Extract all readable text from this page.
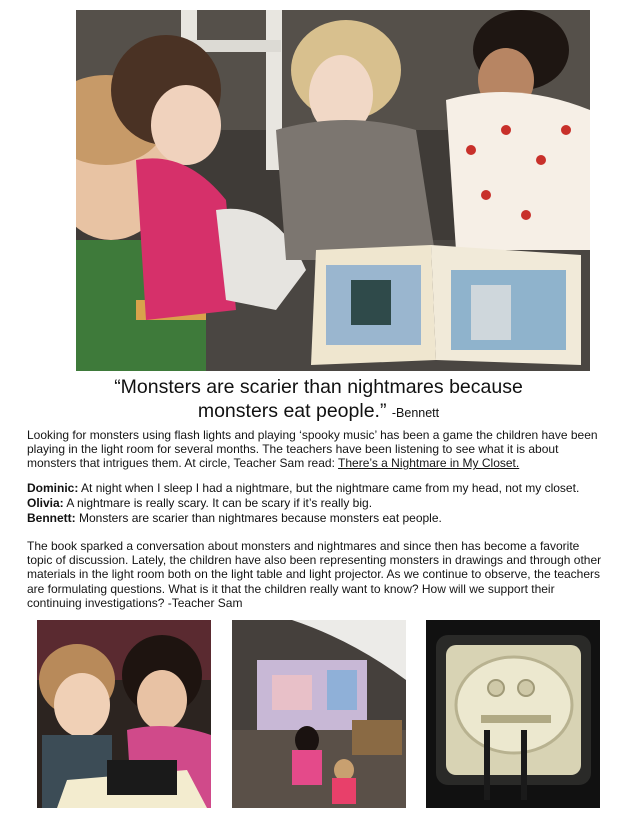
“Monsters are scarier than nightmares because
monsters eat people.” -Bennett
Looking for monsters using flash lights and playing ‘spooky music’ has been a game the children have been
playing in the light room for several months. The teachers have been listening to see what it is about
monsters that intrigues them. At circle, Teacher Sam read: There’s a Nightmare in My Closet.
Dominic: At night when I sleep I had a nightmare, but the nightmare came from my head, not my closet.
Olivia: A nightmare is really scary. It can be scary if it’s really big.
Bennett: Monsters are scarier than nightmares because monsters eat people.
The book sparked a conversation about monsters and nightmares and since then has become a favorite
topic of discussion. Lately, the children have also been representing monsters in drawings and through other
materials in the light room both on the light table and light projector. As we continue to observe, the teachers
are formulating questions. What is it that the children really want to know? How will we support their
continuing investigations? -Teacher Sam
